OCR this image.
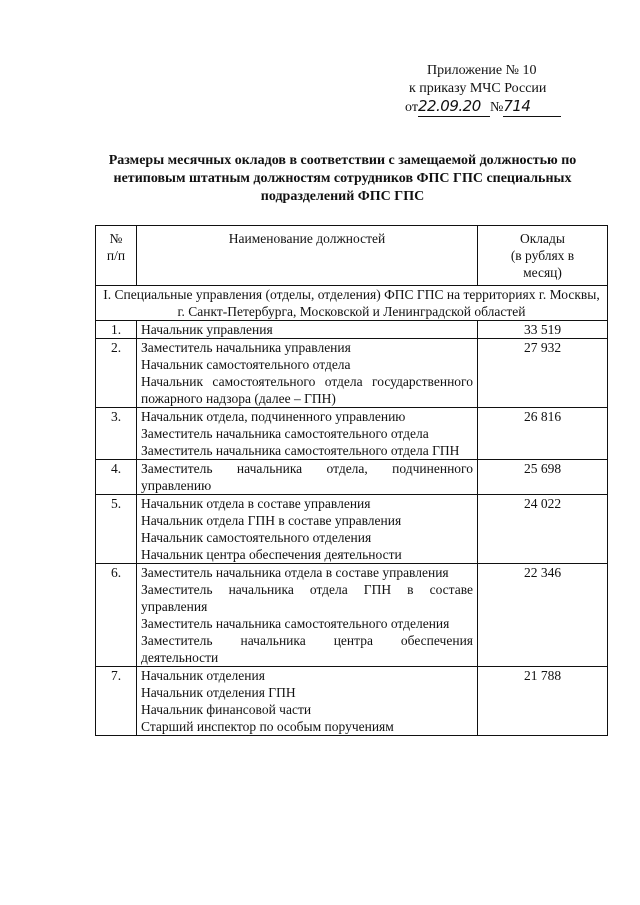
Приложение № 10
к приказу МЧС России
от22.09.20 №714
Размеры месячных окладов в соответствии с замещаемой должностью по нетиповым штатным должностям сотрудников ФПС ГПС специальных подразделений ФПС ГПС
№
п/п	Наименование должностей	Оклады
(в рублях в
месяц)
I. Специальные управления (отделы, отделения) ФПС ГПС на территориях г. Москвы, г. Санкт-Петербурга, Московской и Ленинградской областей		
1.	Начальник управления	33 519
2.	Заместитель начальника управления
Начальник самостоятельного отдела
Начальник самостоятельного отдела государственного пожарного надзора (далее – ГПН)	27 932
3.	Начальник отдела, подчиненного управлению
Заместитель начальника самостоятельного отдела
Заместитель начальника самостоятельного отдела ГПН	26 816
4.	Заместитель начальника отдела, подчиненного управлению	25 698
5.	Начальник отдела в составе управления
Начальник отдела ГПН в составе управления
Начальник самостоятельного отделения
Начальник центра обеспечения деятельности	24 022
6.	Заместитель начальника отдела в составе управления
Заместитель начальника отдела ГПН в составе управления
Заместитель начальника самостоятельного отделения
Заместитель начальника центра обеспечения деятельности	22 346
7.	Начальник отделения
Начальник отделения ГПН
Начальник финансовой части
Старший инспектор по особым поручениям	21 788
